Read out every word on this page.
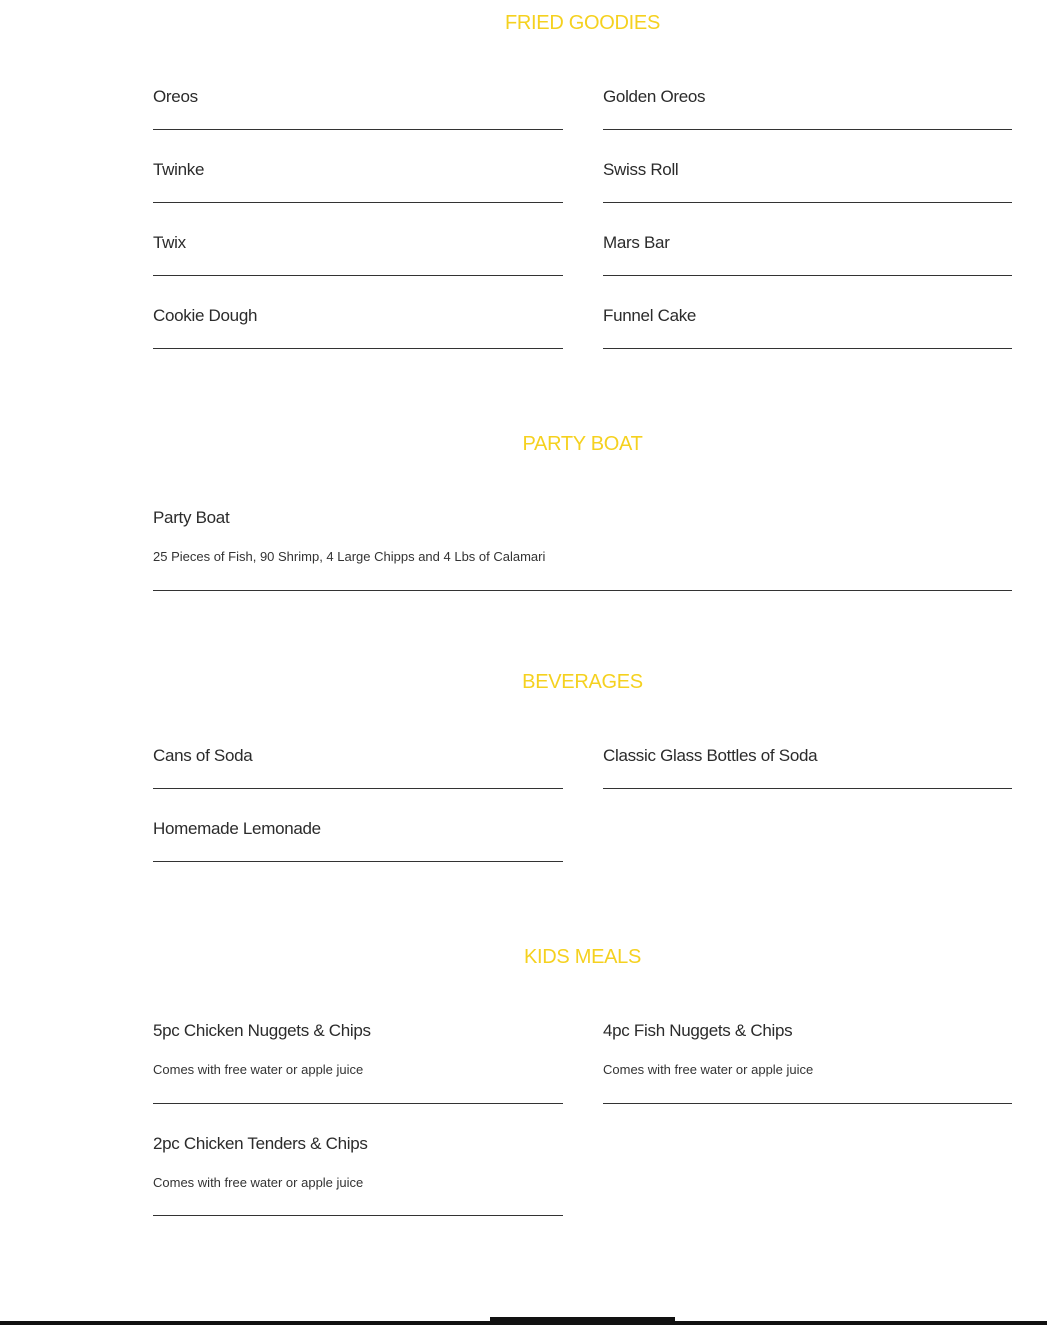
FRIED GOODIES
Oreos	Golden Oreos
Twinke	Swiss Roll
Twix	Mars Bar
Cookie Dough	Funnel Cake
PARTY BOAT
Party Boat
25 Pieces of Fish, 90 Shrimp, 4 Large Chipps and 4 Lbs of Calamari
BEVERAGES
Cans of Soda	Classic Glass Bottles of Soda
Homemade Lemonade
KIDS MEALS
5pc Chicken Nuggets & Chips
Comes with free water or apple juice
4pc Fish Nuggets & Chips
Comes with free water or apple juice
2pc Chicken Tenders & Chips
Comes with free water or apple juice
